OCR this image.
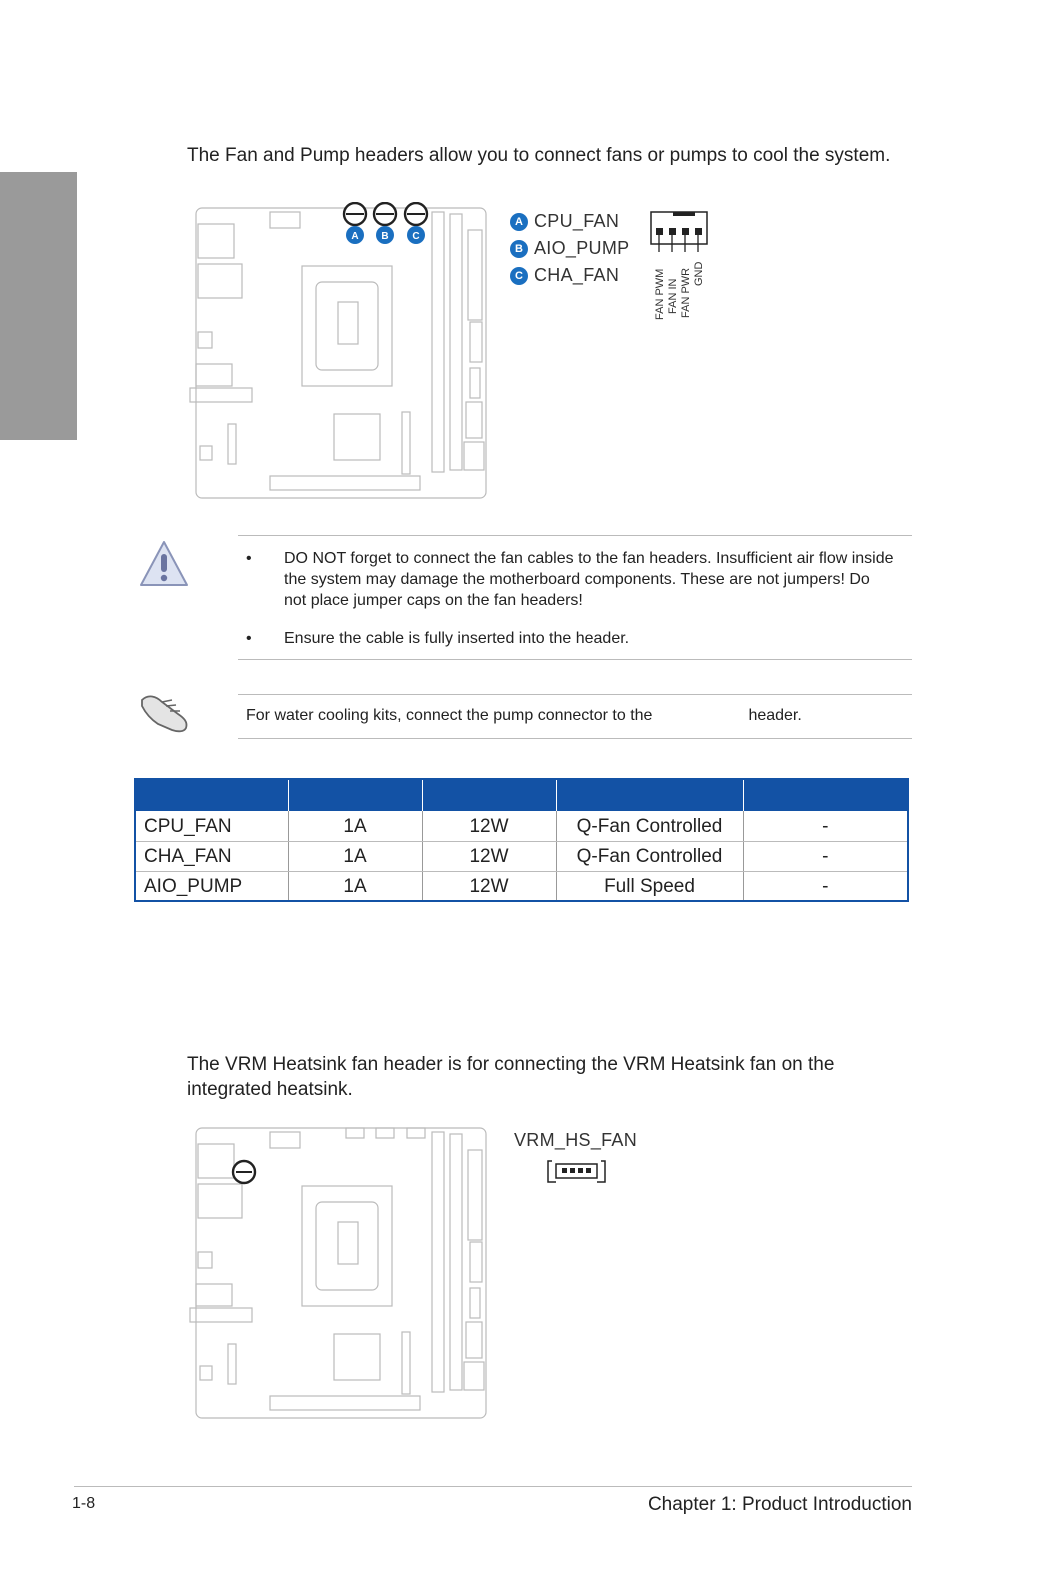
The Fan and Pump headers allow you to connect fans or pumps to cool the system.

A B C
A CPU_FAN
B AIO_PUMP
C CHA_FAN	FAN PWM FAN IN FAN PWR GND
• DO NOT forget to connect the fan cables to the fan headers. Insufficient air flow inside the system may damage the motherboard components. These are not jumpers! Do not place jumper caps on the fan headers!
• Ensure the cable is fully inserted into the header.
For water cooling kits, connect the pump connector to the	header.

CPU_FAN	1A	12W	Q-Fan Controlled	-
CHA_FAN	1A	12W	Q-Fan Controlled	-
AIO_PUMP	1A	12W	Full Speed	-

The VRM Heatsink fan header is for connecting the VRM Heatsink fan on the integrated heatsink.

VRM_HS_FAN
1-8	Chapter 1: Product Introduction
